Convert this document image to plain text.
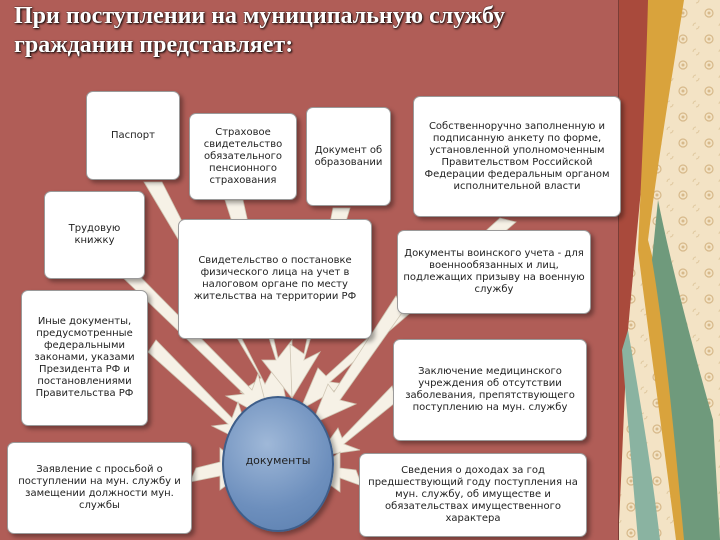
При поступлении на муниципальную службу гражданин представляет:
Паспорт	Страховое свидетельство обязательного пенсионного страхования
Документ об образовании
Собственноручно заполненную и подписанную анкету по форме, установленной уполномоченным Правительством Российской Федерации федеральным органом исполнительной власти
Трудовую книжку
Свидетельство о постановке физического лица на учет в налоговом органе по месту жительства на территории РФ
Документы воинского учета - для военнообязанных и лиц, подлежащих призыву на военную службу
Иные документы, предусмотренные федеральными законами, указами Президента РФ и постановлениями Правительства РФ
Заключение медицинского учреждения об отсутствии заболевания, препятствующего поступлению на мун. службу
Заявление с просьбой о поступлении на мун. службу и замещении должности мун. службы
Сведения о доходах за год предшествующий году поступления на мун. службу, об имуществе и обязательствах имущественного характера
документы
